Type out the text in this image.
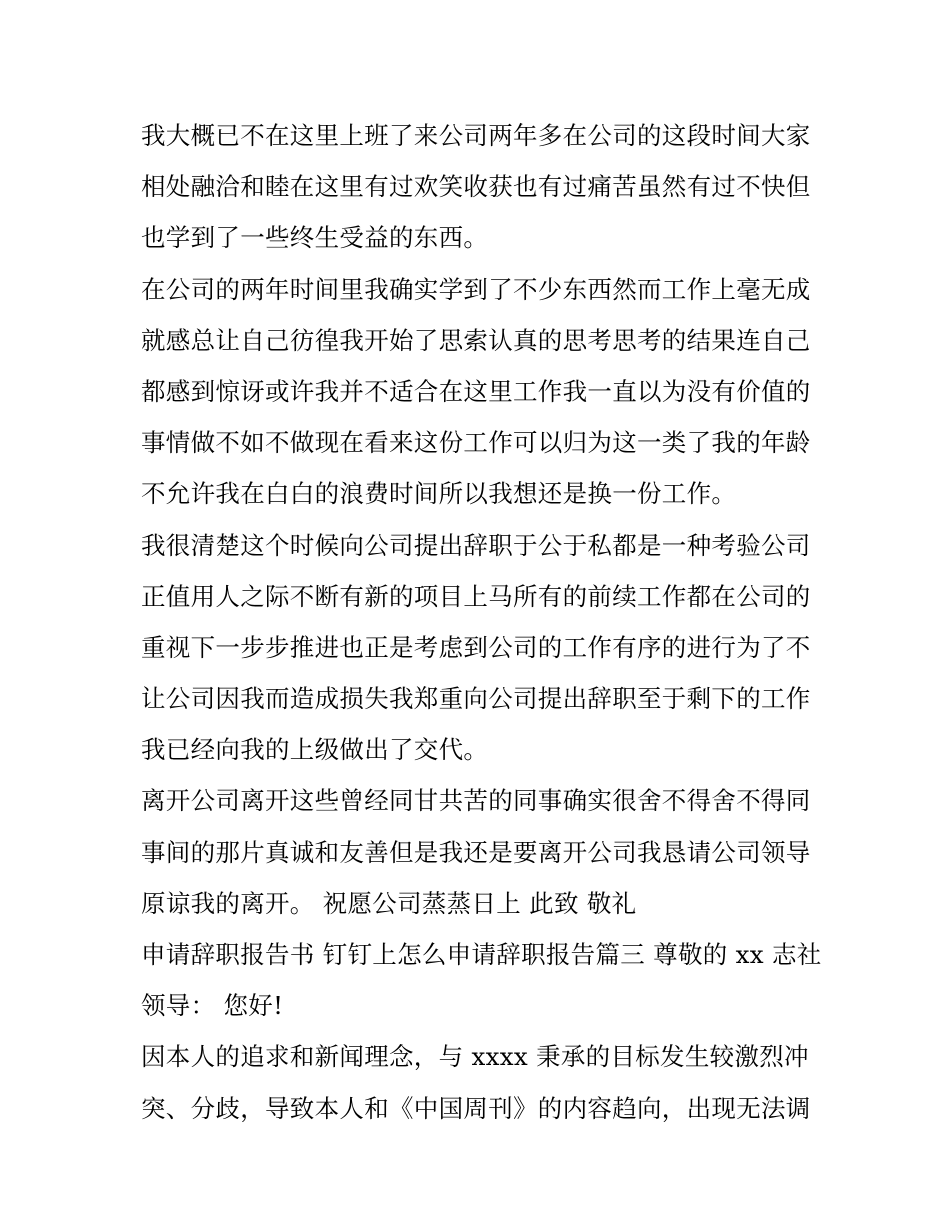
我大概已不在这里上班了来公司两年多在公司的这段时间大家
相处融洽和睦在这里有过欢笑收获也有过痛苦虽然有过不快但
也学到了一些终生受益的东西。
在公司的两年时间里我确实学到了不少东西然而工作上毫无成
就感总让自己彷徨我开始了思索认真的思考思考的结果连自己
都感到惊讶或许我并不适合在这里工作我一直以为没有价值的
事情做不如不做现在看来这份工作可以归为这一类了我的年龄
不允许我在白白的浪费时间所以我想还是换一份工作。
我很清楚这个时候向公司提出辞职于公于私都是一种考验公司
正值用人之际不断有新的项目上马所有的前续工作都在公司的
重视下一步步推进也正是考虑到公司的工作有序的进行为了不
让公司因我而造成损失我郑重向公司提出辞职至于剩下的工作
我已经向我的上级做出了交代。
离开公司离开这些曾经同甘共苦的同事确实很舍不得舍不得同
事间的那片真诚和友善但是我还是要离开公司我恳请公司领导
原谅我的离开。 祝愿公司蒸蒸日上 此致 敬礼
申请辞职报告书 钉钉上怎么申请辞职报告篇三 尊敬的 xx 志社
领导： 您好!
因本人的追求和新闻理念，与 xxxx 秉承的目标发生较激烈冲
突、分歧，导致本人和《中国周刊》的内容趋向，出现无法调
